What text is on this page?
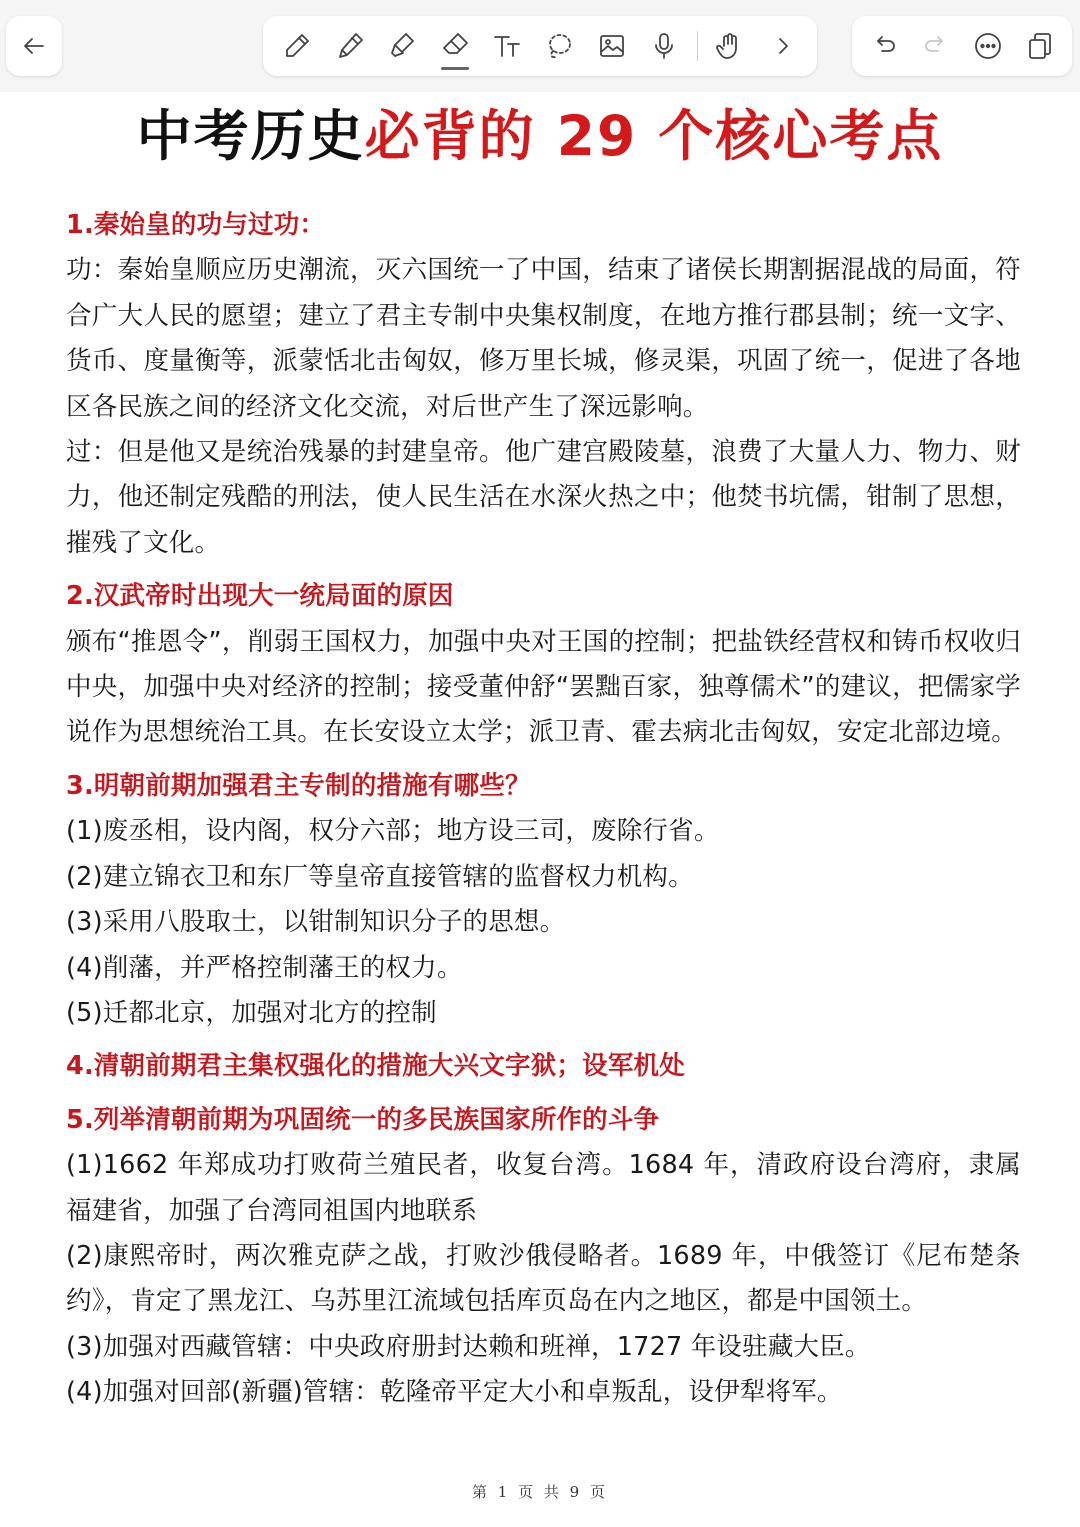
中考历史必背的 29 个核心考点
1.秦始皇的功与过功：

功：秦始皇顺应历史潮流，灭六国统一了中国，结束了诸侯长期割据混战的局面，符合广大人民的愿望；建立了君主专制中央集权制度，在地方推行郡县制；统一文字、货币、度量衡等，派蒙恬北击匈奴，修万里长城，修灵渠，巩固了统一，促进了各地区各民族之间的经济文化交流，对后世产生了深远影响。

过：但是他又是统治残暴的封建皇帝。他广建宫殿陵墓，浪费了大量人力、物力、财力，他还制定残酷的刑法，使人民生活在水深火热之中；他焚书坑儒，钳制了思想，摧残了文化。

2.汉武帝时出现大一统局面的原因

颁布“推恩令”，削弱王国权力，加强中央对王国的控制；把盐铁经营权和铸币权收归中央，加强中央对经济的控制；接受董仲舒“罢黜百家，独尊儒术”的建议，把儒家学说作为思想统治工具。在长安设立太学；派卫青、霍去病北击匈奴，安定北部边境。

3.明朝前期加强君主专制的措施有哪些？

(1)废丞相，设内阁，权分六部；地方设三司，废除行省。

(2)建立锦衣卫和东厂等皇帝直接管辖的监督权力机构。

(3)采用八股取士，以钳制知识分子的思想。

(4)削藩，并严格控制藩王的权力。

(5)迁都北京，加强对北方的控制

4.清朝前期君主集权强化的措施大兴文字狱；设军机处
5.列举清朝前期为巩固统一的多民族国家所作的斗争

(1)1662 年郑成功打败荷兰殖民者，收复台湾。1684 年，清政府设台湾府，隶属福建省，加强了台湾同祖国内地联系

(2)康熙帝时，两次雅克萨之战，打败沙俄侵略者。1689 年，中俄签订《尼布楚条约》，肯定了黑龙江、乌苏里江流域包括库页岛在内之地区，都是中国领土。

(3)加强对西藏管辖：中央政府册封达赖和班禅，1727 年设驻藏大臣。

(4)加强对回部(新疆)管辖：乾隆帝平定大小和卓叛乱，设伊犁将军。

第 1 页 共 9 页
